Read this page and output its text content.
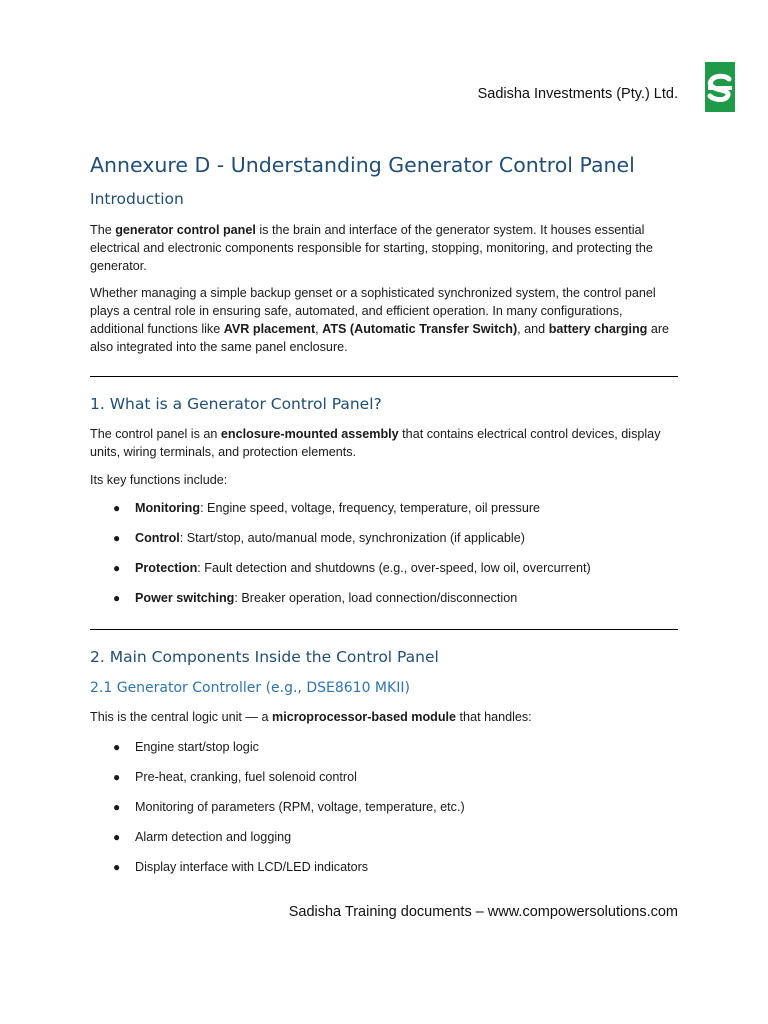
Sadisha Investments (Pty.) Ltd.
Annexure D - Understanding Generator Control Panel
Introduction

The generator control panel is the brain and interface of the generator system. It houses essential electrical and electronic components responsible for starting, stopping, monitoring, and protecting the generator.

Whether managing a simple backup genset or a sophisticated synchronized system, the control panel plays a central role in ensuring safe, automated, and efficient operation. In many configurations, additional functions like AVR placement, ATS (Automatic Transfer Switch), and battery charging are also integrated into the same panel enclosure.

1. What is a Generator Control Panel?

The control panel is an enclosure-mounted assembly that contains electrical control devices, display units, wiring terminals, and protection elements.

Its key functions include:

● Monitoring: Engine speed, voltage, frequency, temperature, oil pressure
● Control: Start/stop, auto/manual mode, synchronization (if applicable)
● Protection: Fault detection and shutdowns (e.g., over-speed, low oil, overcurrent)
● Power switching: Breaker operation, load connection/disconnection
2. Main Components Inside the Control Panel
2.1 Generator Controller (e.g., DSE8610 MKII)

This is the central logic unit — a microprocessor-based module that handles:

● Engine start/stop logic
● Pre-heat, cranking, fuel solenoid control
● Monitoring of parameters (RPM, voltage, temperature, etc.)
● Alarm detection and logging
● Display interface with LCD/LED indicators
Sadisha Training documents – www.compowersolutions.com
